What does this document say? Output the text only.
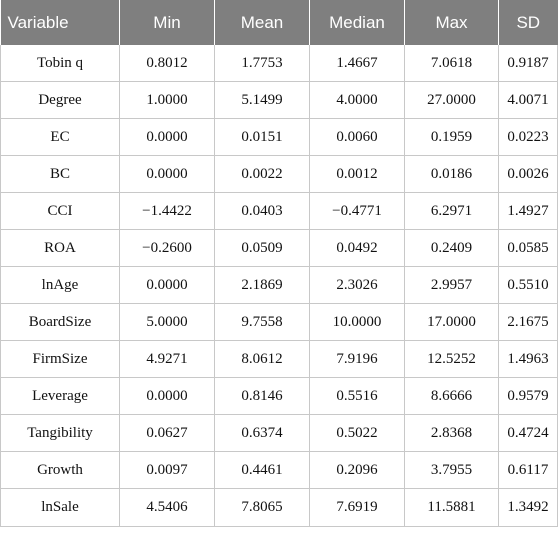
Variable	Min	Mean	Median	Max	SD
Tobin q	0.8012	1.7753	1.4667	7.0618	0.9187
Degree	1.0000	5.1499	4.0000	27.0000	4.0071
EC	0.0000	0.0151	0.0060	0.1959	0.0223
BC	0.0000	0.0022	0.0012	0.0186	0.0026
CCI	−1.4422	0.0403	−0.4771	6.2971	1.4927
ROA	−0.2600	0.0509	0.0492	0.2409	0.0585
lnAge	0.0000	2.1869	2.3026	2.9957	0.5510
BoardSize	5.0000	9.7558	10.0000	17.0000	2.1675
FirmSize	4.9271	8.0612	7.9196	12.5252	1.4963
Leverage	0.0000	0.8146	0.5516	8.6666	0.9579
Tangibility	0.0627	0.6374	0.5022	2.8368	0.4724
Growth	0.0097	0.4461	0.2096	3.7955	0.6117
lnSale	4.5406	7.8065	7.6919	11.5881	1.3492
